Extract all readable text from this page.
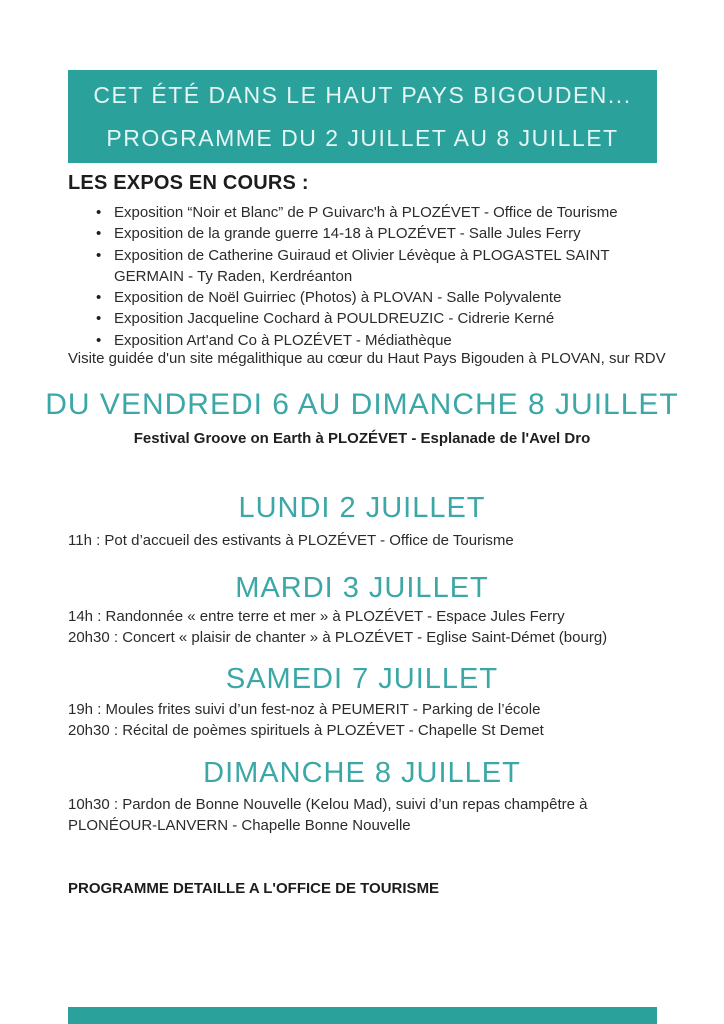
CET ÉTÉ DANS LE HAUT PAYS BIGOUDEN...
PROGRAMME DU 2 JUILLET AU 8 JUILLET
LES EXPOS EN COURS :
• Exposition “Noir et Blanc” de P Guivarc'h à PLOZÉVET - Office de Tourisme
• Exposition de la grande guerre 14-18 à PLOZÉVET - Salle Jules Ferry
• Exposition de Catherine Guiraud et Olivier Lévèque à PLOGASTEL SAINT GERMAIN - Ty Raden, Kerdréanton
• Exposition de Noël Guirriec (Photos) à PLOVAN - Salle Polyvalente
• Exposition Jacqueline Cochard à POULDREUZIC - Cidrerie Kerné
• Exposition Art'and Co à PLOZÉVET - Médiathèque
Visite guidée d'un site mégalithique au cœur du Haut Pays Bigouden à PLOVAN, sur RDV
DU VENDREDI 6 AU DIMANCHE 8 JUILLET
Festival Groove on Earth à PLOZÉVET - Esplanade de l'Avel Dro
LUNDI 2 JUILLET
11h : Pot d’accueil des estivants à PLOZÉVET - Office de Tourisme
MARDI 3 JUILLET
14h : Randonnée « entre terre et mer » à PLOZÉVET - Espace Jules Ferry
20h30 : Concert « plaisir de chanter » à PLOZÉVET - Eglise Saint-Démet (bourg)
SAMEDI 7 JUILLET
19h : Moules frites suivi d’un fest-noz à PEUMERIT - Parking de l’école
20h30 : Récital de poèmes spirituels à PLOZÉVET - Chapelle St Demet
DIMANCHE 8 JUILLET
10h30 : Pardon de Bonne Nouvelle (Kelou Mad), suivi d’un repas champêtre à PLONÉOUR-LANVERN - Chapelle Bonne Nouvelle
PROGRAMME DETAILLE A L'OFFICE DE TOURISME
